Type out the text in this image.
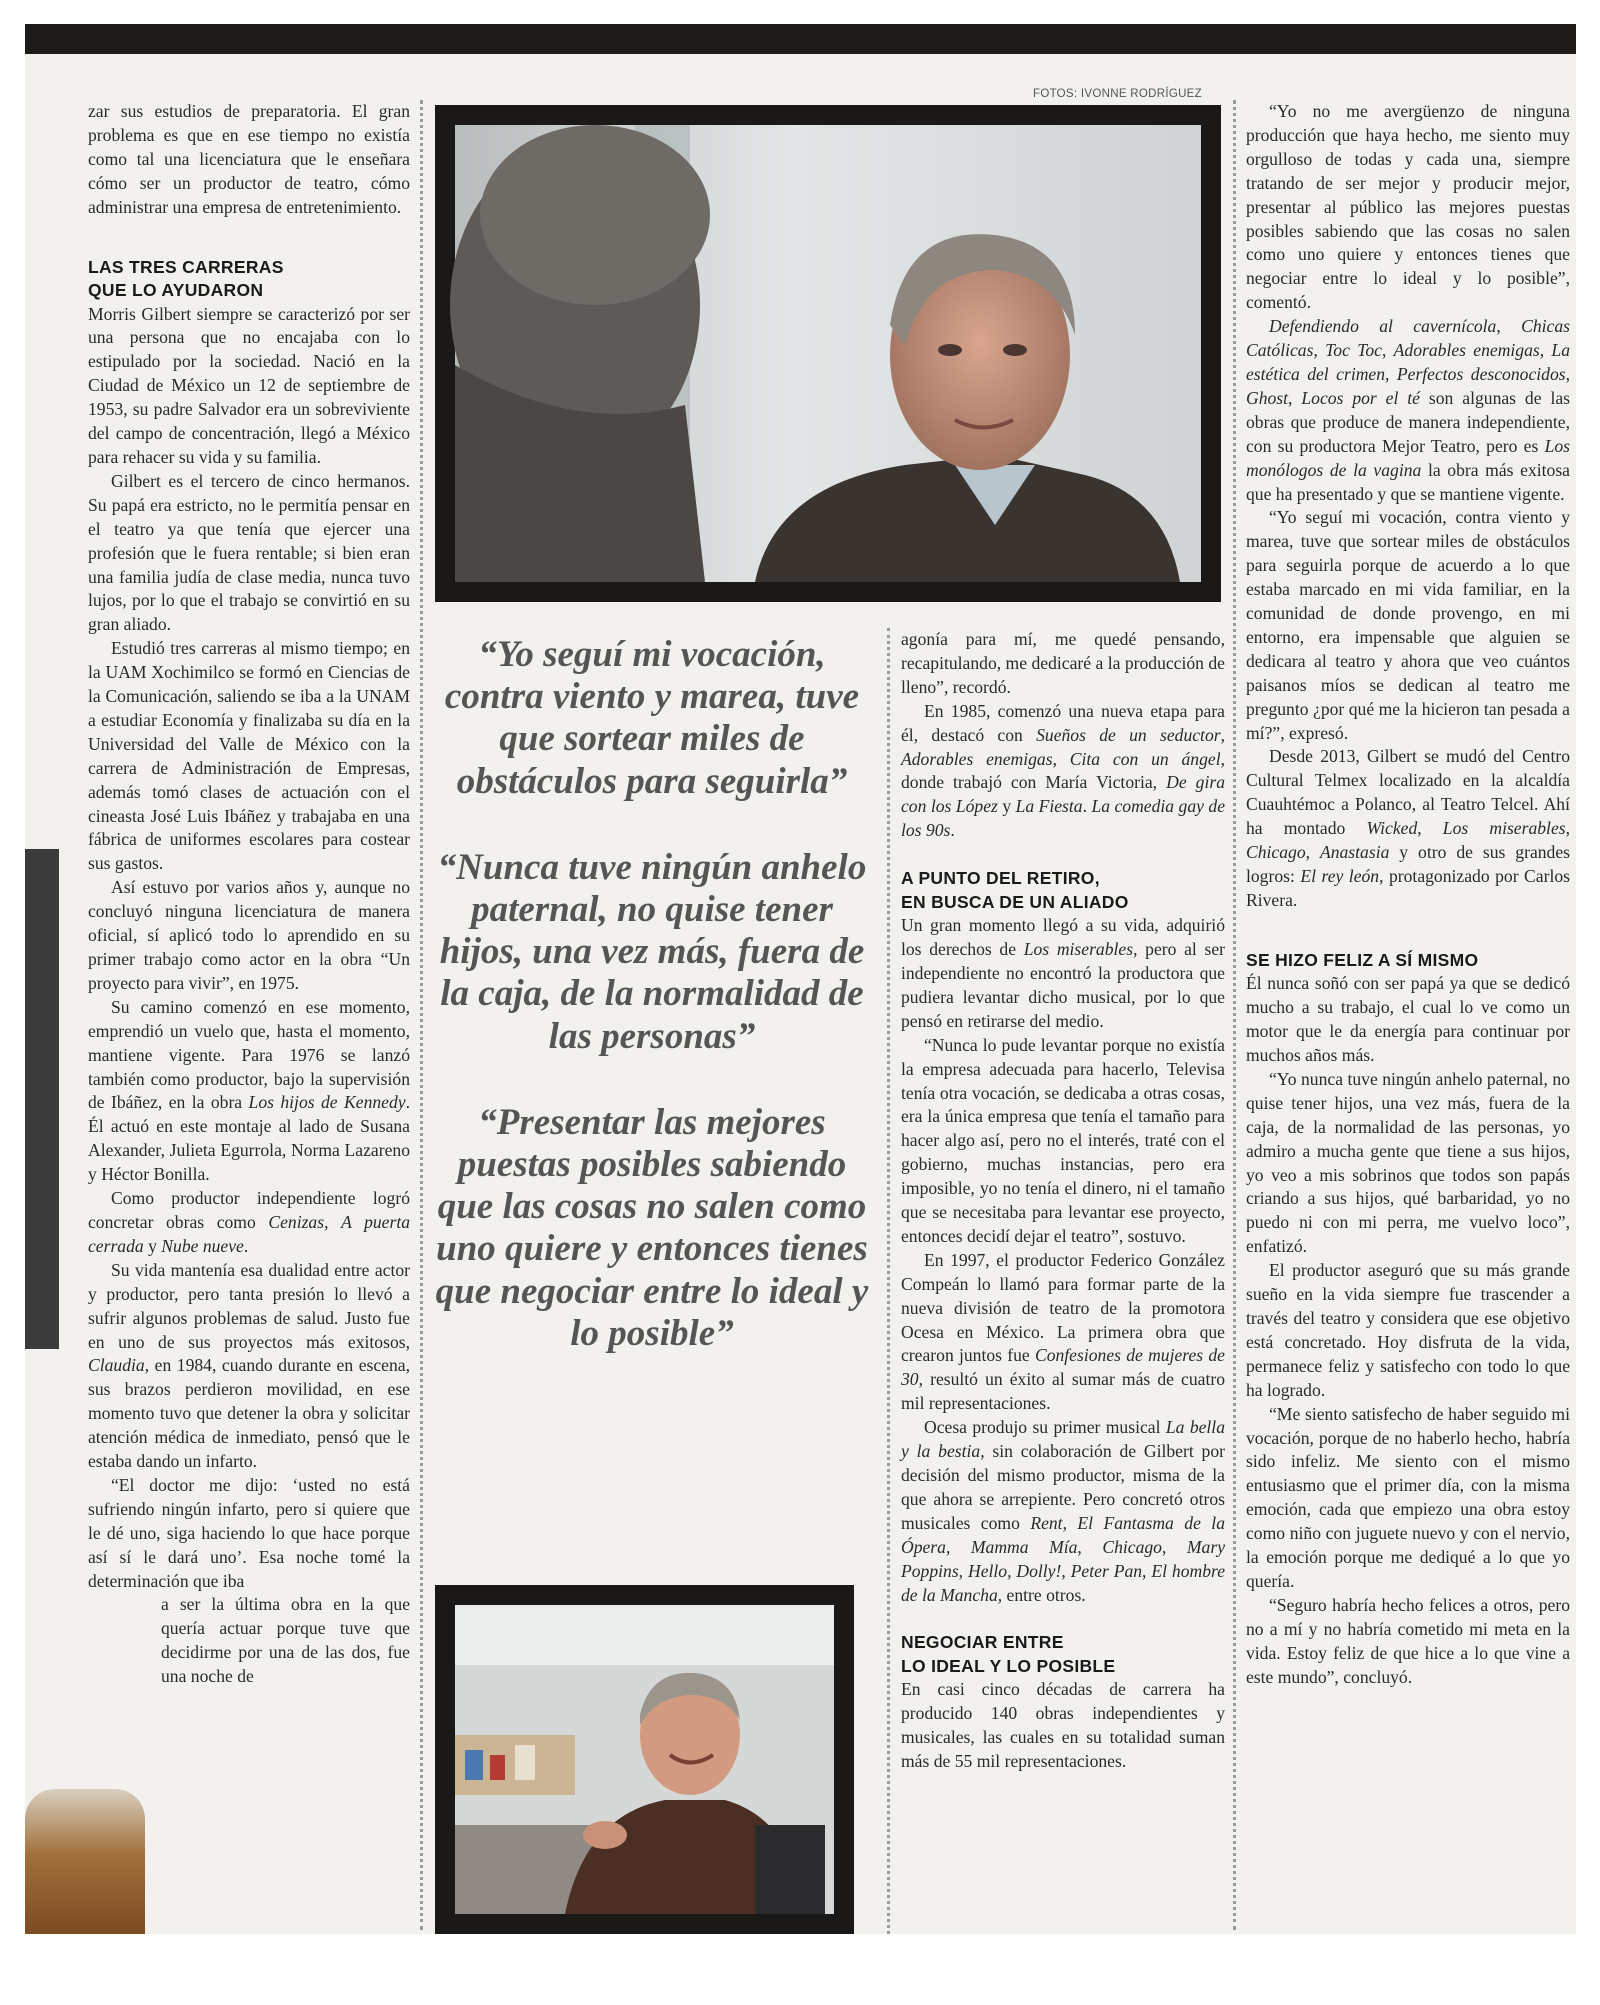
FOTOS: IVONNE RODRÍGUEZ

zar sus estudios de preparatoria. El gran problema es que en ese tiempo no existía como tal una licenciatura que le enseñara cómo ser un productor de teatro, cómo administrar una empresa de entretenimiento.

LAS TRES CARRERAS
QUE LO AYUDARON

Morris Gilbert siempre se caracterizó por ser una persona que no encajaba con lo estipulado por la sociedad. Nació en la Ciudad de México un 12 de septiembre de 1953, su padre Salvador era un sobreviviente del campo de concentración, llegó a México para rehacer su vida y su familia.

Gilbert es el tercero de cinco hermanos. Su papá era estricto, no le permitía pensar en el teatro ya que tenía que ejercer una profesión que le fuera rentable; si bien eran una familia judía de clase media, nunca tuvo lujos, por lo que el trabajo se convirtió en su gran aliado.

Estudió tres carreras al mismo tiempo; en la UAM Xochimilco se formó en Ciencias de la Comunicación, saliendo se iba a la UNAM a estudiar Economía y finalizaba su día en la Universidad del Valle de México con la carrera de Administración de Empresas, además tomó clases de actuación con el cineasta José Luis Ibáñez y trabajaba en una fábrica de uniformes escolares para costear sus gastos.

Así estuvo por varios años y, aunque no concluyó ninguna licenciatura de manera oficial, sí aplicó todo lo aprendido en su primer trabajo como actor en la obra “Un proyecto para vivir”, en 1975.

Su camino comenzó en ese momento, emprendió un vuelo que, hasta el momento, mantiene vigente. Para 1976 se lanzó también como productor, bajo la supervisión de Ibáñez, en la obra Los hijos de Kennedy. Él actuó en este montaje al lado de Susana Alexander, Julieta Egurrola, Norma Lazareno y Héctor Bonilla.

Como productor independiente logró concretar obras como Cenizas, A puerta cerrada y Nube nueve.

Su vida mantenía esa dualidad entre actor y productor, pero tanta presión lo llevó a sufrir algunos problemas de salud. Justo fue en uno de sus proyectos más exitosos, Claudia, en 1984, cuando durante en escena, sus brazos perdieron movilidad, en ese momento tuvo que detener la obra y solicitar atención médica de inmediato, pensó que le estaba dando un infarto.

“El doctor me dijo: ‘usted no está sufriendo ningún infarto, pero si quiere que le dé uno, siga haciendo lo que hace porque así sí le dará uno’. Esa noche tomé la determinación que iba

a ser la última obra en la que quería actuar porque tuve que decidirme por una de las dos, fue una noche de

“Yo seguí mi vocación, contra viento y marea, tuve que sortear miles de obstáculos para seguirla”

“Nunca tuve ningún anhelo paternal, no quise tener hijos, una vez más, fuera de la caja, de la normalidad de las personas”

“Presentar las mejores puestas posibles sabiendo que las cosas no salen como uno quiere y entonces tienes que negociar entre lo ideal y lo posible”

agonía para mí, me quedé pensando, recapitulando, me dedicaré a la producción de lleno”, recordó.

En 1985, comenzó una nueva etapa para él, destacó con Sueños de un seductor, Adorables enemigas, Cita con un ángel, donde trabajó con María Victoria, De gira con los López y La Fiesta. La comedia gay de los 90s.

A PUNTO DEL RETIRO,
EN BUSCA DE UN ALIADO

Un gran momento llegó a su vida, adquirió los derechos de Los miserables, pero al ser independiente no encontró la productora que pudiera levantar dicho musical, por lo que pensó en retirarse del medio.

“Nunca lo pude levantar porque no existía la empresa adecuada para hacerlo, Televisa tenía otra vocación, se dedicaba a otras cosas, era la única empresa que tenía el tamaño para hacer algo así, pero no el interés, traté con el gobierno, muchas instancias, pero era imposible, yo no tenía el dinero, ni el tamaño que se necesitaba para levantar ese proyecto, entonces decidí dejar el teatro”, sostuvo.

En 1997, el productor Federico González Compeán lo llamó para formar parte de la nueva división de teatro de la promotora Ocesa en México. La primera obra que crearon juntos fue Confesiones de mujeres de 30, resultó un éxito al sumar más de cuatro mil representaciones.

Ocesa produjo su primer musical La bella y la bestia, sin colaboración de Gilbert por decisión del mismo productor, misma de la que ahora se arrepiente. Pero concretó otros musicales como Rent, El Fantasma de la Ópera, Mamma Mía, Chicago, Mary Poppins, Hello, Dolly!, Peter Pan, El hombre de la Mancha, entre otros.

NEGOCIAR ENTRE
LO IDEAL Y LO POSIBLE

En casi cinco décadas de carrera ha producido 140 obras independientes y musicales, las cuales en su totalidad suman más de 55 mil representaciones.

“Yo no me avergüenzo de ninguna producción que haya hecho, me siento muy orgulloso de todas y cada una, siempre tratando de ser mejor y producir mejor, presentar al público las mejores puestas posibles sabiendo que las cosas no salen como uno quiere y entonces tienes que negociar entre lo ideal y lo posible”, comentó.

Defendiendo al cavernícola, Chicas Católicas, Toc Toc, Adorables enemigas, La estética del crimen, Perfectos desconocidos, Ghost, Locos por el té son algunas de las obras que produce de manera independiente, con su productora Mejor Teatro, pero es Los monólogos de la vagina la obra más exitosa que ha presentado y que se mantiene vigente.

“Yo seguí mi vocación, contra viento y marea, tuve que sortear miles de obstáculos para seguirla porque de acuerdo a lo que estaba marcado en mi vida familiar, en la comunidad de donde provengo, en mi entorno, era impensable que alguien se dedicara al teatro y ahora que veo cuántos paisanos míos se dedican al teatro me pregunto ¿por qué me la hicieron tan pesada a mí?”, expresó.

Desde 2013, Gilbert se mudó del Centro Cultural Telmex localizado en la alcaldía Cuauhtémoc a Polanco, al Teatro Telcel. Ahí ha montado Wicked, Los miserables, Chicago, Anastasia y otro de sus grandes logros: El rey león, protagonizado por Carlos Rivera.

SE HIZO FELIZ A SÍ MISMO

Él nunca soñó con ser papá ya que se dedicó mucho a su trabajo, el cual lo ve como un motor que le da energía para continuar por muchos años más.

“Yo nunca tuve ningún anhelo paternal, no quise tener hijos, una vez más, fuera de la caja, de la normalidad de las personas, yo admiro a mucha gente que tiene a sus hijos, yo veo a mis sobrinos que todos son papás criando a sus hijos, qué barbaridad, yo no puedo ni con mi perra, me vuelvo loco”, enfatizó.

El productor aseguró que su más grande sueño en la vida siempre fue trascender a través del teatro y considera que ese objetivo está concretado. Hoy disfruta de la vida, permanece feliz y satisfecho con todo lo que ha logrado.

“Me siento satisfecho de haber seguido mi vocación, porque de no haberlo hecho, habría sido infeliz. Me siento con el mismo entusiasmo que el primer día, con la misma emoción, cada que empiezo una obra estoy como niño con juguete nuevo y con el nervio, la emoción porque me dediqué a lo que yo quería.

“Seguro habría hecho felices a otros, pero no a mí y no habría cometido mi meta en la vida. Estoy feliz de que hice a lo que vine a este mundo”, concluyó.
